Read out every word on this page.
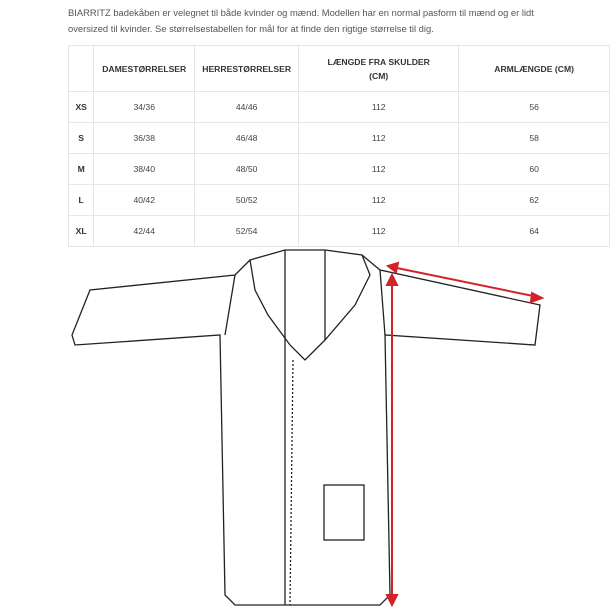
BIARRITZ badekåben er velegnet til både kvinder og mænd. Modellen har en normal pasform til mænd og er lidt oversized til kvinder. Se størrelsestabellen for mål for at finde den rigtige størrelse til dig.
	DAMESTØRRELSER	HERRESTØRRELSER	LÆNGDE FRA SKULDER (CM)	ARMLÆNGDE (CM)
XS	34/36	44/46	112	56
S	36/38	46/48	112	58
M	38/40	48/50	112	60
L	40/42	50/52	112	62
XL	42/44	52/54	112	64
